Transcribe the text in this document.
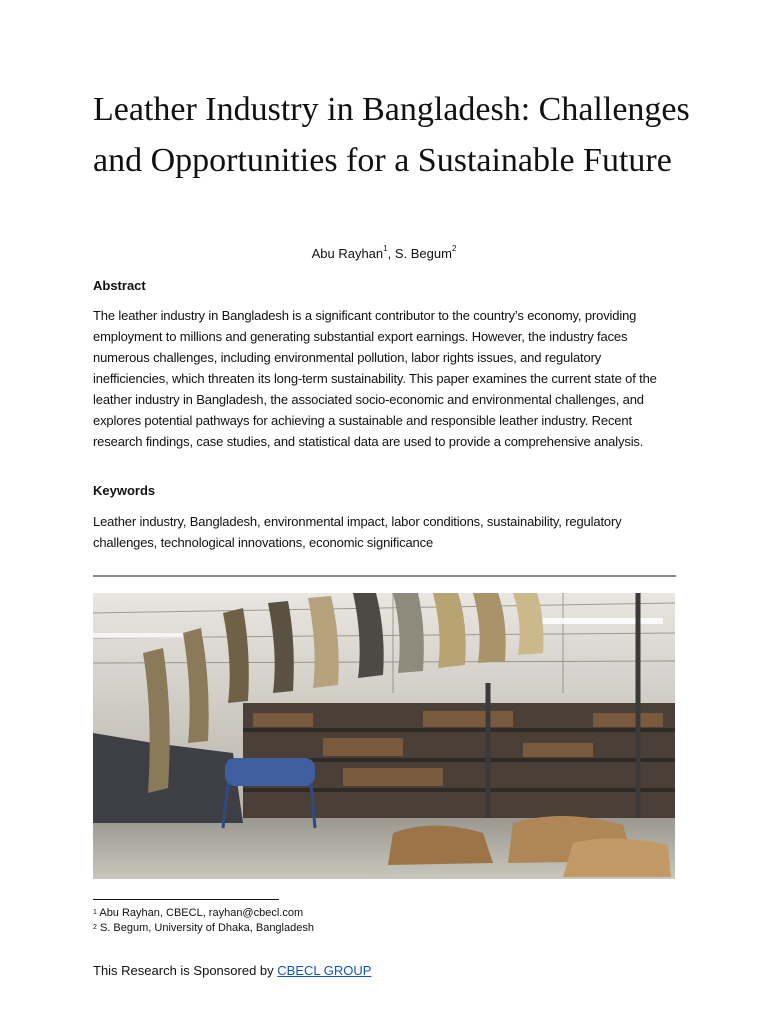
Leather Industry in Bangladesh: Challenges and Opportunities for a Sustainable Future
Abu Rayhan$^1$, S. Begum$^2$
Abstract

The leather industry in Bangladesh is a significant contributor to the country’s economy, providing employment to millions and generating substantial export earnings. However, the industry faces numerous challenges, including environmental pollution, labor rights issues, and regulatory inefficiencies, which threaten its long-term sustainability. This paper examines the current state of the leather industry in Bangladesh, the associated socio-economic and environmental challenges, and explores potential pathways for achieving a sustainable and responsible leather industry. Recent research findings, case studies, and statistical data are used to provide a comprehensive analysis.

Keywords

Leather industry, Bangladesh, environmental impact, labor conditions, sustainability, regulatory challenges, technological innovations, economic significance

$^1$ Abu Rayhan, CBECL, rayhan@cbecl.com
$^2$ S. Begum, University of Dhaka, Bangladesh
This Research is Sponsored by CBECL GROUP
